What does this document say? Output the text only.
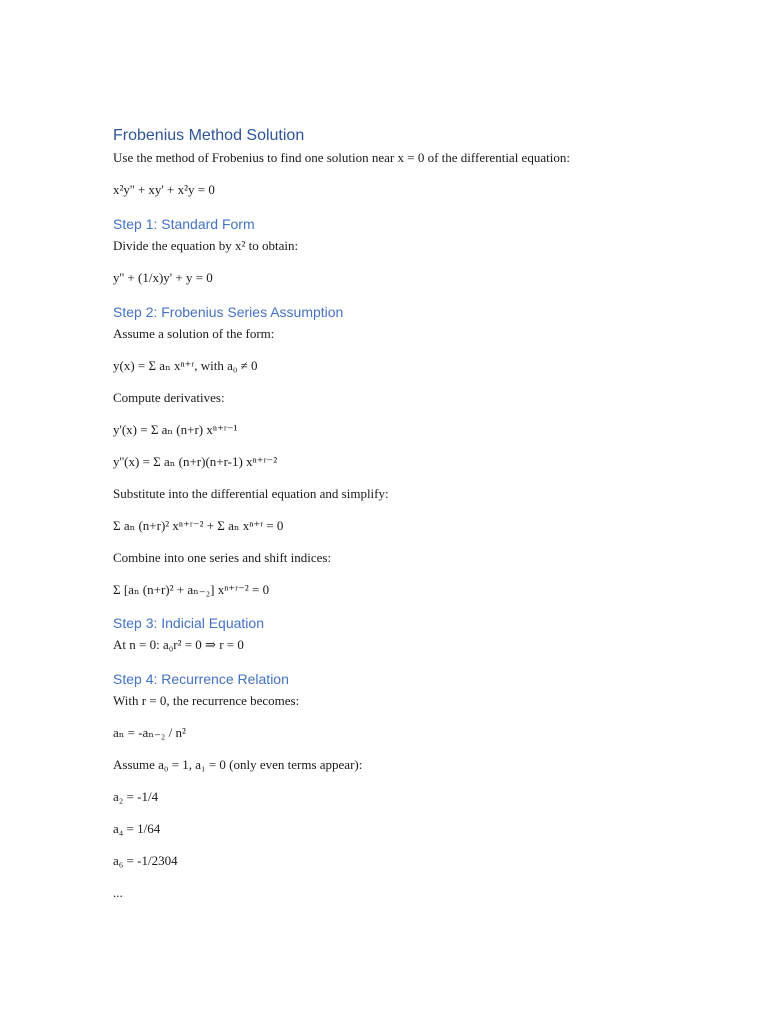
Frobenius Method Solution
Use the method of Frobenius to find one solution near x = 0 of the differential equation:
x²y'' + xy' + x²y = 0
Step 1: Standard Form
Divide the equation by x² to obtain:
y'' + (1/x)y' + y = 0
Step 2: Frobenius Series Assumption
Assume a solution of the form:
y(x) = Σ aₙ xⁿ⁺ʳ, with a₀ ≠ 0
Compute derivatives:
y'(x) = Σ aₙ (n+r) xⁿ⁺ʳ⁻¹
y''(x) = Σ aₙ (n+r)(n+r-1) xⁿ⁺ʳ⁻²
Substitute into the differential equation and simplify:
Σ aₙ (n+r)² xⁿ⁺ʳ⁻² + Σ aₙ xⁿ⁺ʳ = 0
Combine into one series and shift indices:
Σ [aₙ (n+r)² + aₙ₋₂] xⁿ⁺ʳ⁻² = 0
Step 3: Indicial Equation
At n = 0: a₀r² = 0 ⇒ r = 0
Step 4: Recurrence Relation
With r = 0, the recurrence becomes:
aₙ = -aₙ₋₂ / n²
Assume a₀ = 1, a₁ = 0 (only even terms appear):
a₂ = -1/4
a₄ = 1/64
a₆ = -1/2304
...
